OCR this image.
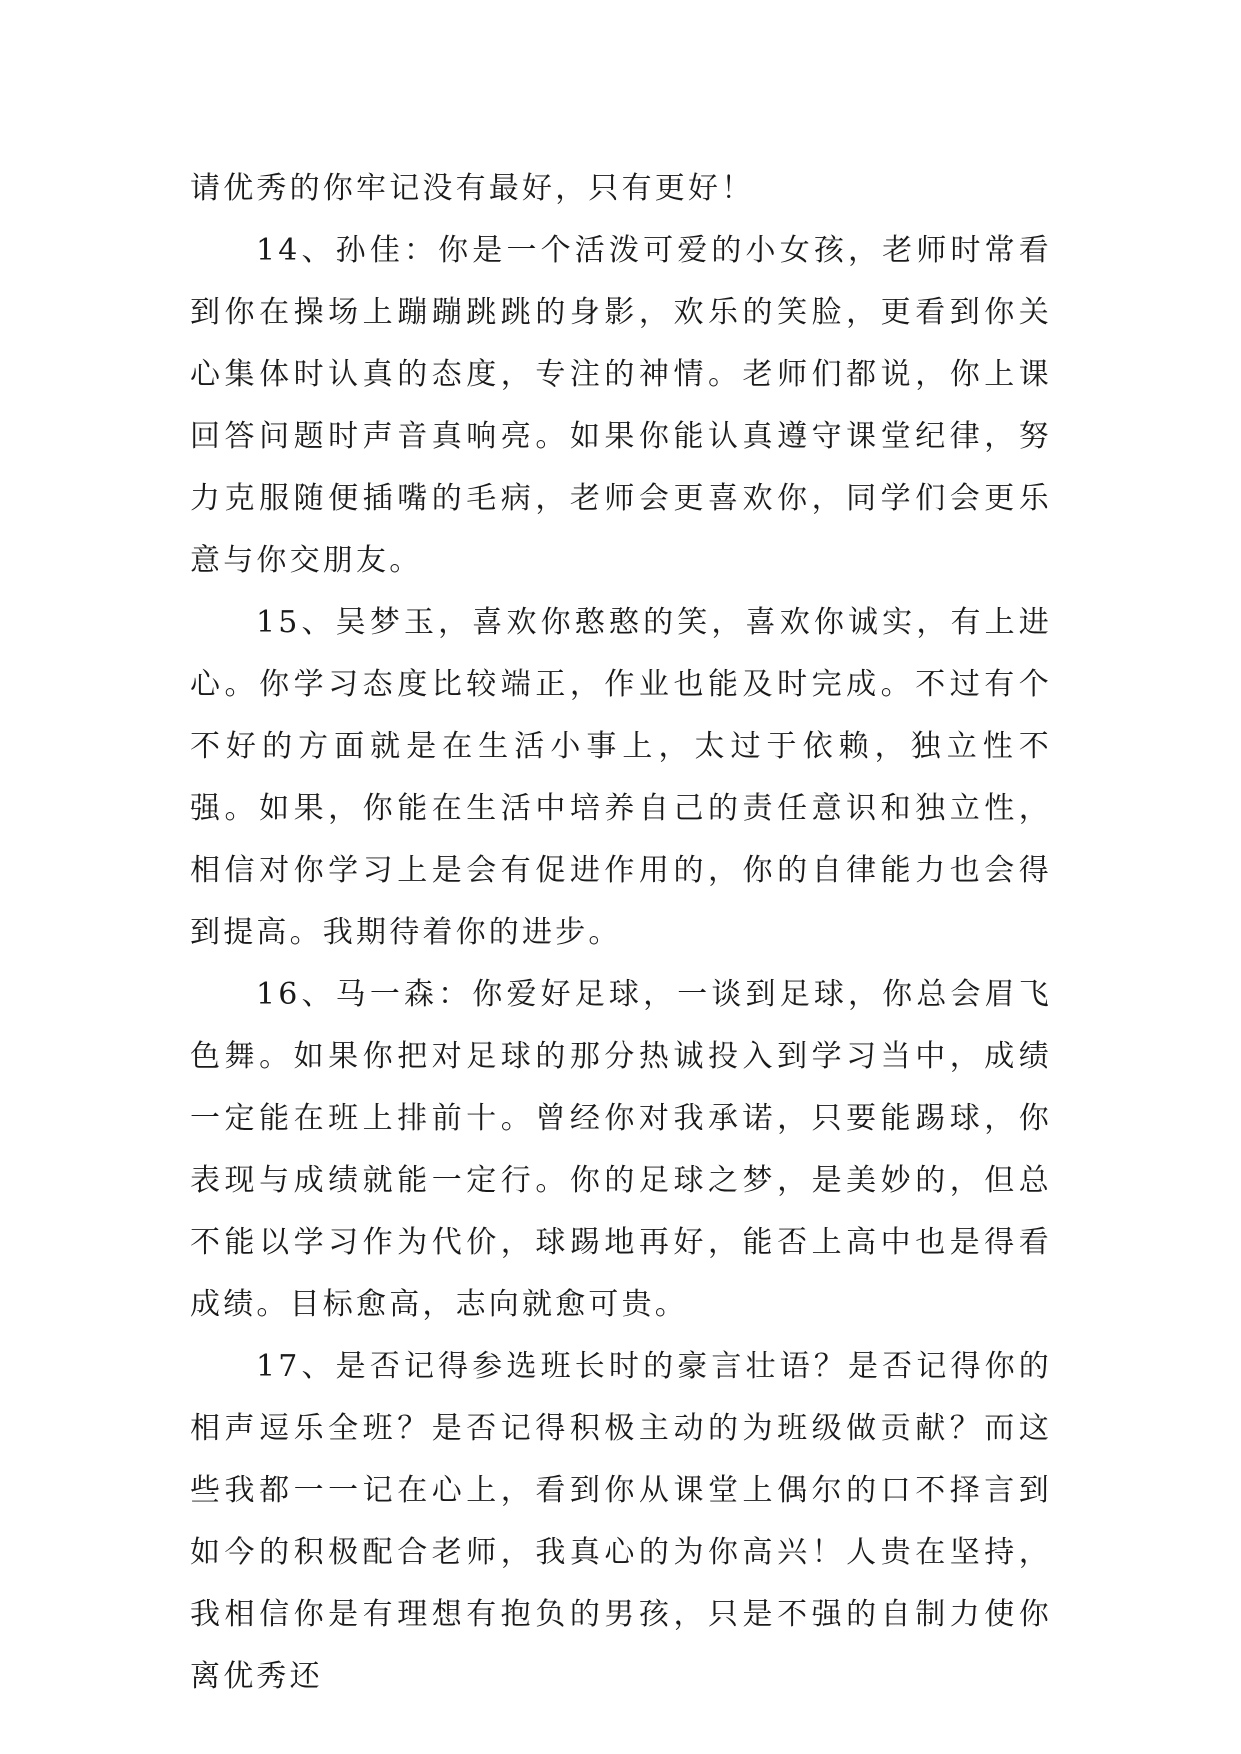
请优秀的你牢记没有最好，只有更好！

14、孙佳：你是一个活泼可爱的小女孩，老师时常看到你在操场上蹦蹦跳跳的身影，欢乐的笑脸，更看到你关心集体时认真的态度，专注的神情。老师们都说，你上课回答问题时声音真响亮。如果你能认真遵守课堂纪律，努力克服随便插嘴的毛病，老师会更喜欢你，同学们会更乐意与你交朋友。

15、吴梦玉，喜欢你憨憨的笑，喜欢你诚实，有上进心。你学习态度比较端正，作业也能及时完成。不过有个不好的方面就是在生活小事上，太过于依赖，独立性不强。如果，你能在生活中培养自己的责任意识和独立性，相信对你学习上是会有促进作用的，你的自律能力也会得到提高。我期待着你的进步。

16、马一森：你爱好足球，一谈到足球，你总会眉飞色舞。如果你把对足球的那分热诚投入到学习当中，成绩一定能在班上排前十。曾经你对我承诺，只要能踢球，你表现与成绩就能一定行。你的足球之梦，是美妙的，但总不能以学习作为代价，球踢地再好，能否上高中也是得看成绩。目标愈高，志向就愈可贵。

17、是否记得参选班长时的豪言壮语？是否记得你的相声逗乐全班？是否记得积极主动的为班级做贡献？而这些我都一一记在心上，看到你从课堂上偶尔的口不择言到如今的积极配合老师，我真心的为你高兴！人贵在坚持，我相信你是有理想有抱负的男孩，只是不强的自制力使你离优秀还
